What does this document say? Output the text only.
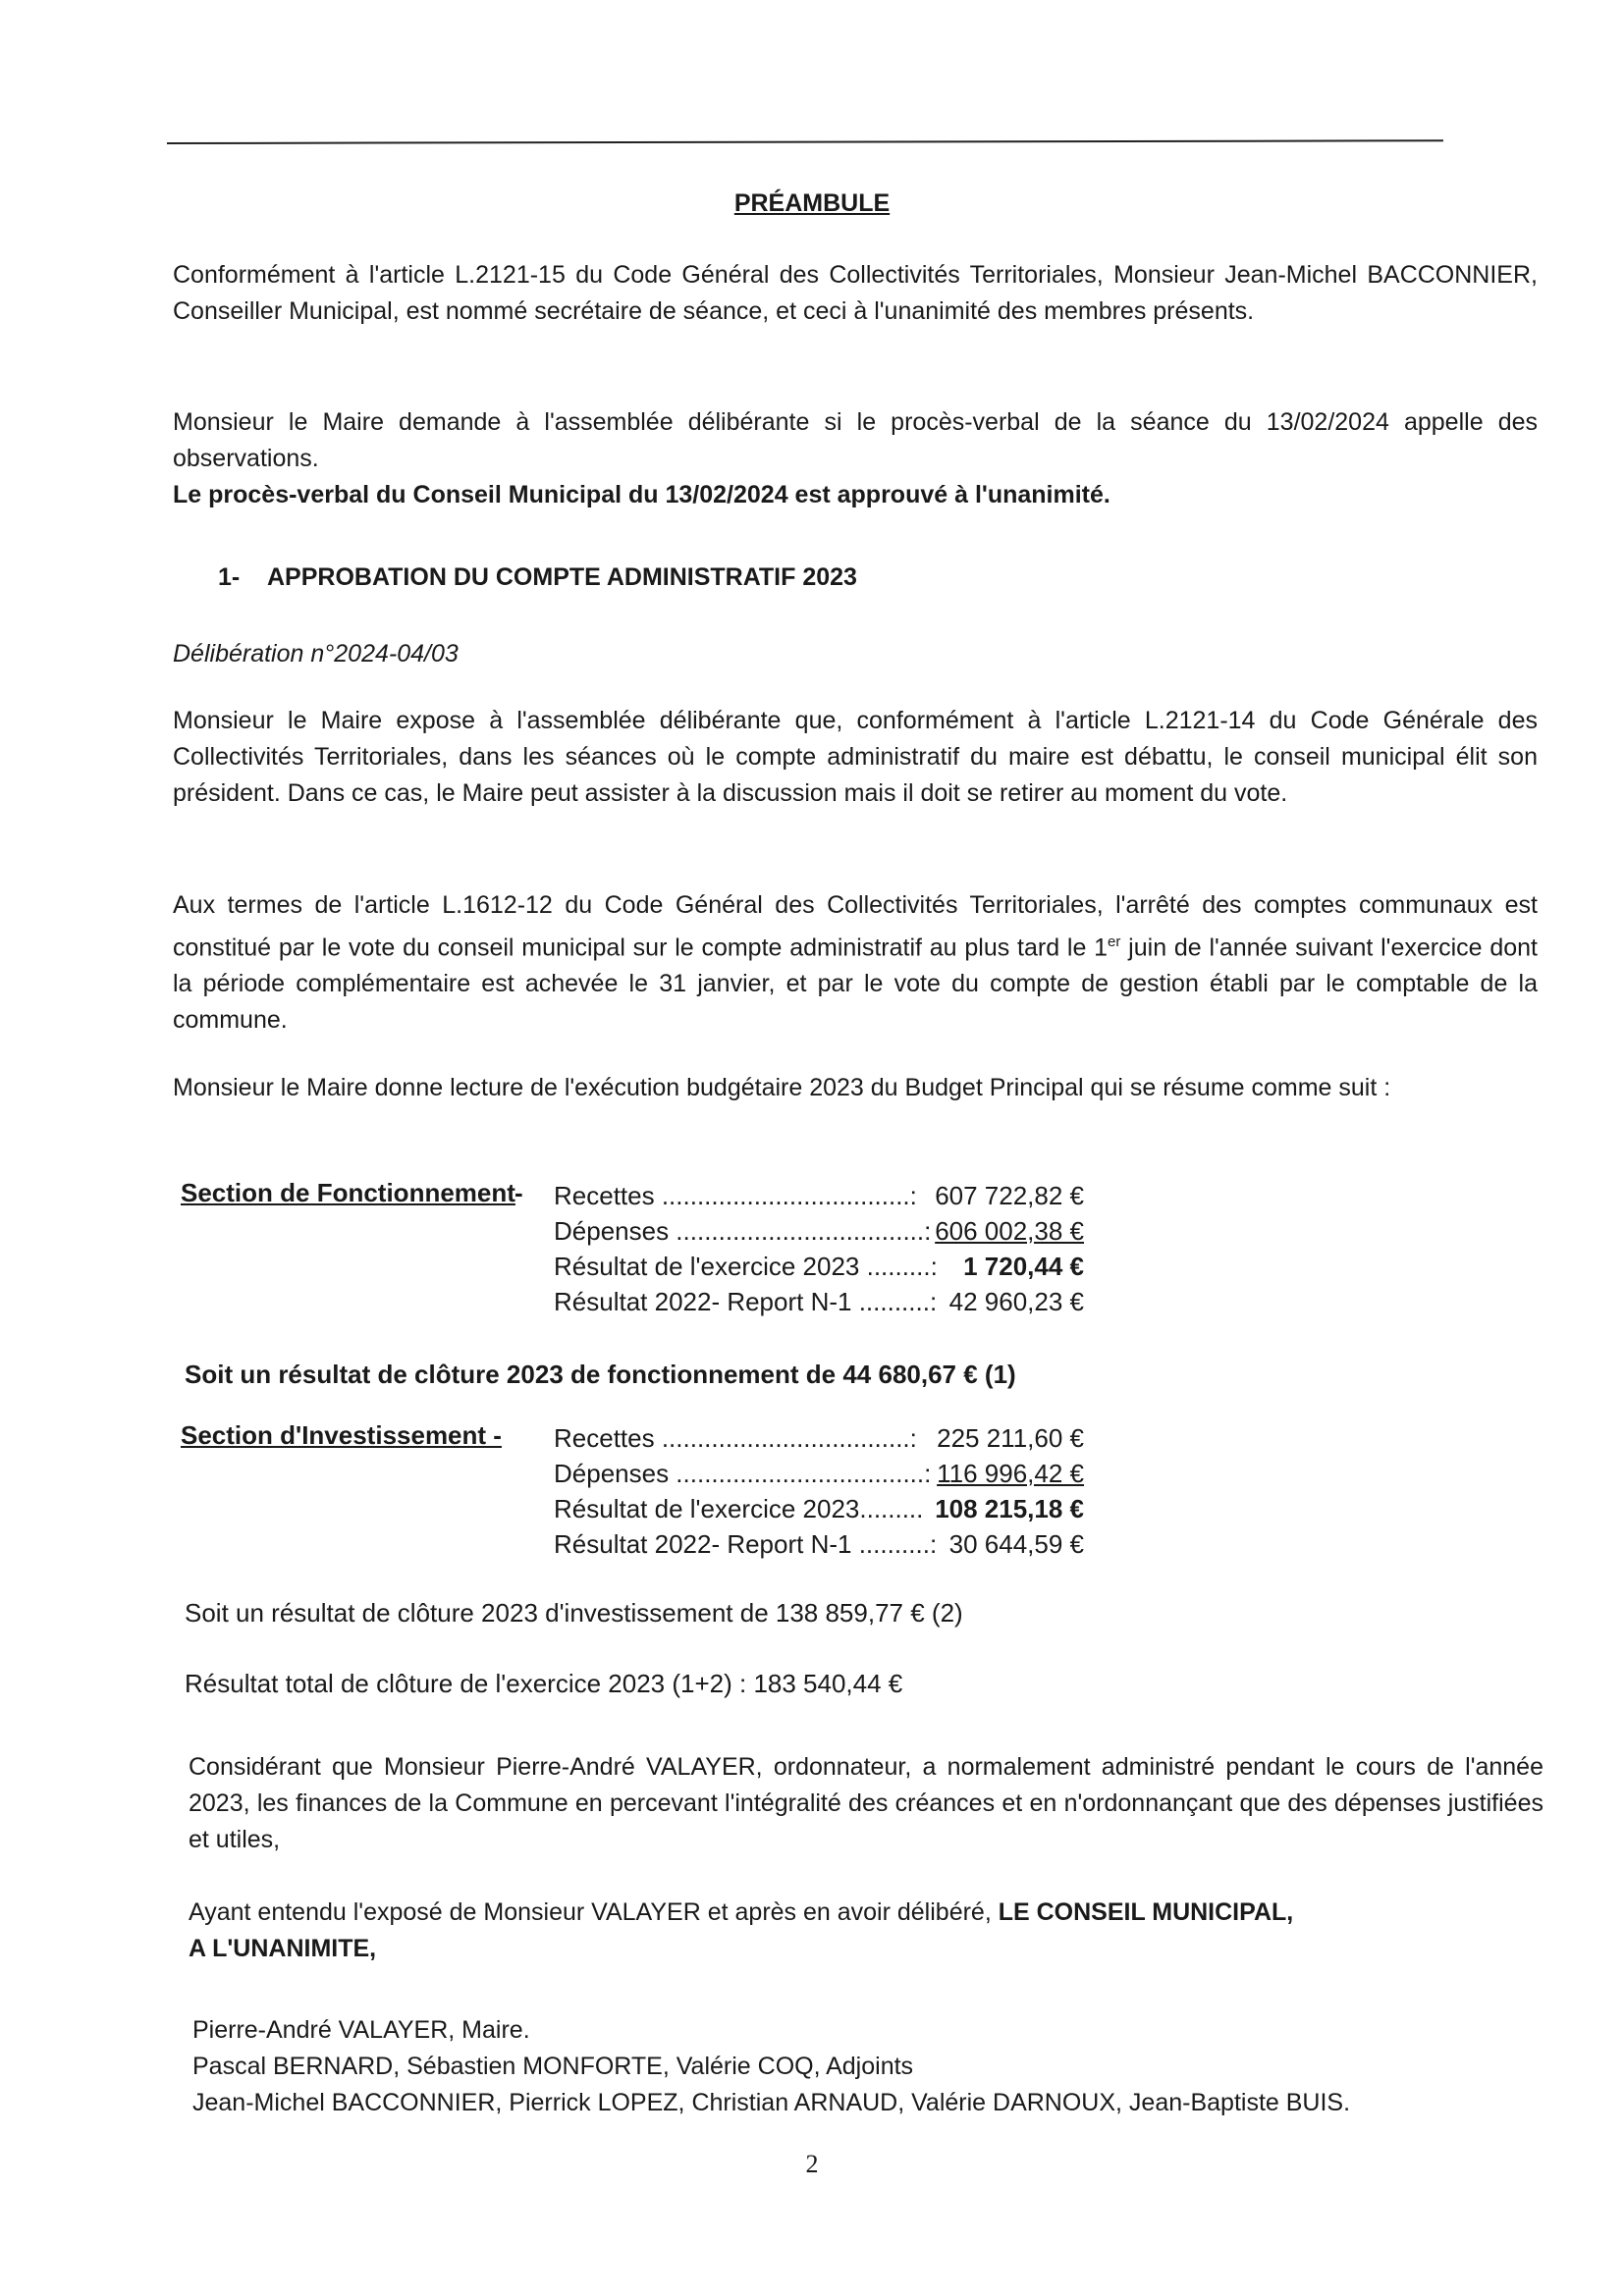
PRÉAMBULE
Conformément à l'article L.2121-15 du Code Général des Collectivités Territoriales, Monsieur Jean-Michel BACCONNIER, Conseiller Municipal, est nommé secrétaire de séance, et ceci à l'unanimité des membres présents.
Monsieur le Maire demande à l'assemblée délibérante si le procès-verbal de la séance du 13/02/2024 appelle des observations.
Le procès-verbal du Conseil Municipal du 13/02/2024 est approuvé à l'unanimité.
1- APPROBATION DU COMPTE ADMINISTRATIF 2023
Délibération n°2024-04/03
Monsieur le Maire expose à l'assemblée délibérante que, conformément à l'article L.2121-14 du Code Générale des Collectivités Territoriales, dans les séances où le compte administratif du maire est débattu, le conseil municipal élit son président. Dans ce cas, le Maire peut assister à la discussion mais il doit se retirer au moment du vote.
Aux termes de l'article L.1612-12 du Code Général des Collectivités Territoriales, l'arrêté des comptes communaux est constitué par le vote du conseil municipal sur le compte administratif au plus tard le 1er juin de l'année suivant l'exercice dont la période complémentaire est achevée le 31 janvier, et par le vote du compte de gestion établi par le comptable de la commune.
Monsieur le Maire donne lecture de l'exécution budgétaire 2023 du Budget Principal qui se résume comme suit :
Section de Fonctionnement - Recettes ...................................: 607 722,82 €
Dépenses ...................................: 606 002,38 €
Résultat de l'exercice 2023 .........: 1 720,44 €
Résultat 2022- Report N-1 ..........: 42 960,23 €
Soit un résultat de clôture 2023 de fonctionnement de 44 680,67 € (1)
Section d'Investissement - Recettes ...................................: 225 211,60 €
Dépenses ...................................: 116 996,42 €
Résultat de l'exercice 2023......... 108 215,18 €
Résultat 2022- Report N-1 ..........: 30 644,59 €
Soit un résultat de clôture 2023 d'investissement de 138 859,77 € (2)
Résultat total de clôture de l'exercice 2023 (1+2) : 183 540,44 €
Considérant que Monsieur Pierre-André VALAYER, ordonnateur, a normalement administré pendant le cours de l'année 2023, les finances de la Commune en percevant l'intégralité des créances et en n'ordonnançant que des dépenses justifiées et utiles,
Ayant entendu l'exposé de Monsieur VALAYER et après en avoir délibéré, LE CONSEIL MUNICIPAL,
A L'UNANIMITE,
Pierre-André VALAYER, Maire.
Pascal BERNARD, Sébastien MONFORTE, Valérie COQ, Adjoints
Jean-Michel BACCONNIER, Pierrick LOPEZ, Christian ARNAUD, Valérie DARNOUX, Jean-Baptiste BUIS.
2
